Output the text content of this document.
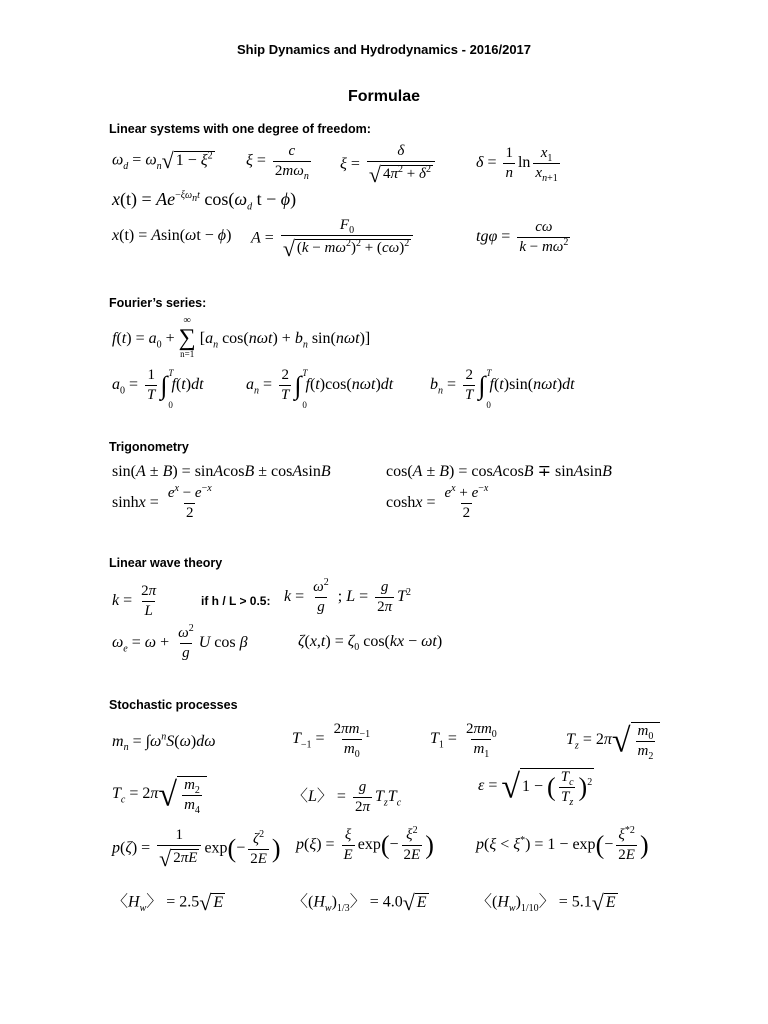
Ship Dynamics and Hydrodynamics - 2016/2017
Formulae
Linear systems with one degree of freedom:
$\omega_d = \omega_n√$ $1 - \xi^2$ $\xi = \frac{c}{2m\omega_n}$ $\xi = \frac{\delta}{√ 4\pi^2 + \delta^2}$	$\delta = \frac{1}{n}$ $\ln \frac{x_1}{x_{n+1}}$
$x(t) = Ae^{-\xi\omega_nt}$ $\cos(\omega_d$ t − ϕ)
x(t) = Asin(ωt − ϕ) $A = \frac{F_0}{√ (k - m\omega^2)^2 + (c\omega)^2}$	$tg\varphi = \frac{c\omega}{k - m\omega^2}$
Fourier’s series:
$f(t) = a_0$ +
∞
∑
n=1
[$a_n$ $\cos(n\omega t) + b_n$ sin(nωt)]
$a_0 = \frac{1}{T}$ ∫ T
0
f(t)dt	$a_n = \frac{2}{T}$ ∫ T
0
f(t)cos(nωt)dt $b_n = \frac{2}{T}$ ∫ T
0
f(t)sin(nωt)dt
Trigonometry
sin(A ± B) = sinAcosB ± cosAsinB	cos(A ± B) = cosAcosB ∓ sinAsinB
$\sinh x = \frac{e^x - e^{-x}}{2}$	$\cosh x = \frac{e^x + e^{-x}}{2}$
Linear wave theory
$k = \frac{2\pi}{L}$	if h / L > 0.5: $k = \frac{\omega^2}{g}$ ; $L = \frac{g}{2\pi} T^2$
$\omega_e = \omega + \frac{\omega^2}{g}$ U cos β	$\zeta(x,t) = \zeta_0$ cos(kx − ωt)
Stochastic processes
$m_n = \int\omega^nS(\omega)d\omega$	$T_{-1} = \frac{2\pi m_{-1}}{m_0}$	$T_1 = \frac{2\pi m_0}{m_1}$	$T_z = 2\pi√ \frac{m_0}{m_2}$
$T_c = 2\pi√ \frac{m_2}{m_4}$	〈L〉 = $\frac{g}{2\pi} T_zT_c$
ε = √ 1 − ( $\frac{T_c}{T_z} )^2$
$p(\zeta) = \frac{1}{√ 2\pi E} \exp(- \frac{\zeta^2}{2E}$ ) $p(\xi) = \frac{\xi}{E} \exp(- \frac{\xi^2}{2E}$ )	$p(\xi < \xi^*) = 1 - \exp(- \frac{\xi^{*2}}{2E}$ )
〈$H_w$〉 = 2.5√ E	〈$(H_w)_{1/3}$〉 = 4.0√ E	〈$(H_w)_{1/10}$〉 = 5.1√ E
